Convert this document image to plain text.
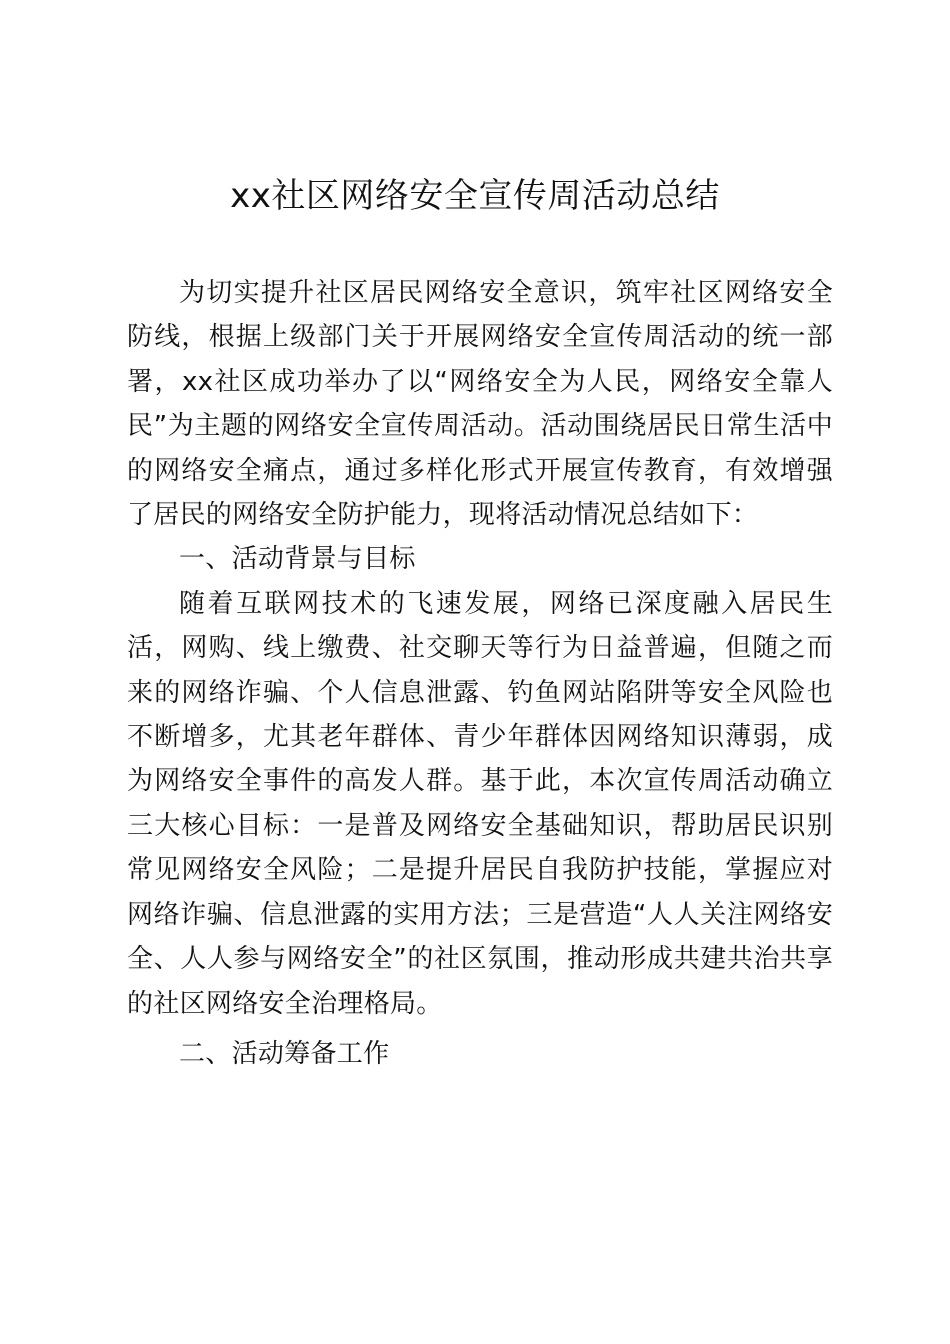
xx社区网络安全宣传周活动总结

为切实提升社区居民网络安全意识，筑牢社区网络安全防线，根据上级部门关于开展网络安全宣传周活动的统一部署，xx社区成功举办了以“网络安全为人民，网络安全靠人民”为主题的网络安全宣传周活动。活动围绕居民日常生活中的网络安全痛点，通过多样化形式开展宣传教育，有效增强了居民的网络安全防护能力，现将活动情况总结如下：

一、活动背景与目标

随着互联网技术的飞速发展，网络已深度融入居民生活，网购、线上缴费、社交聊天等行为日益普遍，但随之而来的网络诈骗、个人信息泄露、钓鱼网站陷阱等安全风险也不断增多，尤其老年群体、青少年群体因网络知识薄弱，成为网络安全事件的高发人群。基于此，本次宣传周活动确立三大核心目标：一是普及网络安全基础知识，帮助居民识别常见网络安全风险；二是提升居民自我防护技能，掌握应对网络诈骗、信息泄露的实用方法；三是营造“人人关注网络安全、人人参与网络安全”的社区氛围，推动形成共建共治共享的社区网络安全治理格局。

二、活动筹备工作
